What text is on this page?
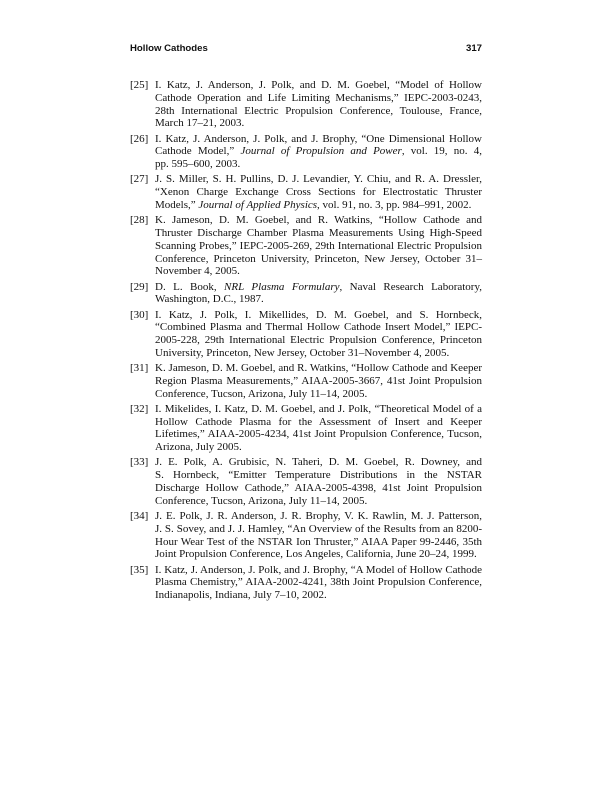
Hollow Cathodes	317
[25] I. Katz, J. Anderson, J. Polk, and D. M. Goebel, “Model of Hollow
Cathode Operation and Life Limiting Mechanisms,” IEPC-2003-0243,
28th International Electric Propulsion Conference, Toulouse, France,
March 17–21, 2003.
[26] I. Katz, J. Anderson, J. Polk, and J. Brophy, “One Dimensional Hollow
Cathode Model,” Journal of Propulsion and Power, vol. 19, no. 4,
pp. 595–600, 2003.
[27] J. S. Miller, S. H. Pullins, D. J. Levandier, Y. Chiu, and R. A. Dressler,
“Xenon Charge Exchange Cross Sections for Electrostatic Thruster
Models,” Journal of Applied Physics, vol. 91, no. 3, pp. 984–991, 2002.
[28] K. Jameson, D. M. Goebel, and R. Watkins, “Hollow Cathode and
Thruster Discharge Chamber Plasma Measurements Using High-Speed
Scanning Probes,” IEPC-2005-269, 29th International Electric Propulsion
Conference, Princeton University, Princeton, New Jersey, October 31–
November 4, 2005.
[29] D. L. Book, NRL Plasma Formulary, Naval Research Laboratory,
Washington, D.C., 1987.
[30] I. Katz, J. Polk, I. Mikellides, D. M. Goebel, and S. Hornbeck,
“Combined Plasma and Thermal Hollow Cathode Insert Model,” IEPC-
2005-228, 29th International Electric Propulsion Conference, Princeton
University, Princeton, New Jersey, October 31–November 4, 2005.
[31] K. Jameson, D. M. Goebel, and R. Watkins, “Hollow Cathode and Keeper
Region Plasma Measurements,” AIAA-2005-3667, 41st Joint Propulsion
Conference, Tucson, Arizona, July 11–14, 2005.
[32] I. Mikelides, I. Katz, D. M. Goebel, and J. Polk, “Theoretical Model of a
Hollow Cathode Plasma for the Assessment of Insert and Keeper
Lifetimes,” AIAA-2005-4234, 41st Joint Propulsion Conference, Tucson,
Arizona, July 2005.
[33] J. E. Polk, A. Grubisic, N. Taheri, D. M. Goebel, R. Downey, and
S. Hornbeck, “Emitter Temperature Distributions in the NSTAR
Discharge Hollow Cathode,” AIAA-2005-4398, 41st Joint Propulsion
Conference, Tucson, Arizona, July 11–14, 2005.
[34] J. E. Polk, J. R. Anderson, J. R. Brophy, V. K. Rawlin, M. J. Patterson,
J. S. Sovey, and J. J. Hamley, “An Overview of the Results from an 8200-
Hour Wear Test of the NSTAR Ion Thruster,” AIAA Paper 99-2446, 35th
Joint Propulsion Conference, Los Angeles, California, June 20–24, 1999.
[35] I. Katz, J. Anderson, J. Polk, and J. Brophy, “A Model of Hollow Cathode
Plasma Chemistry,” AIAA-2002-4241, 38th Joint Propulsion Conference,
Indianapolis, Indiana, July 7–10, 2002.
